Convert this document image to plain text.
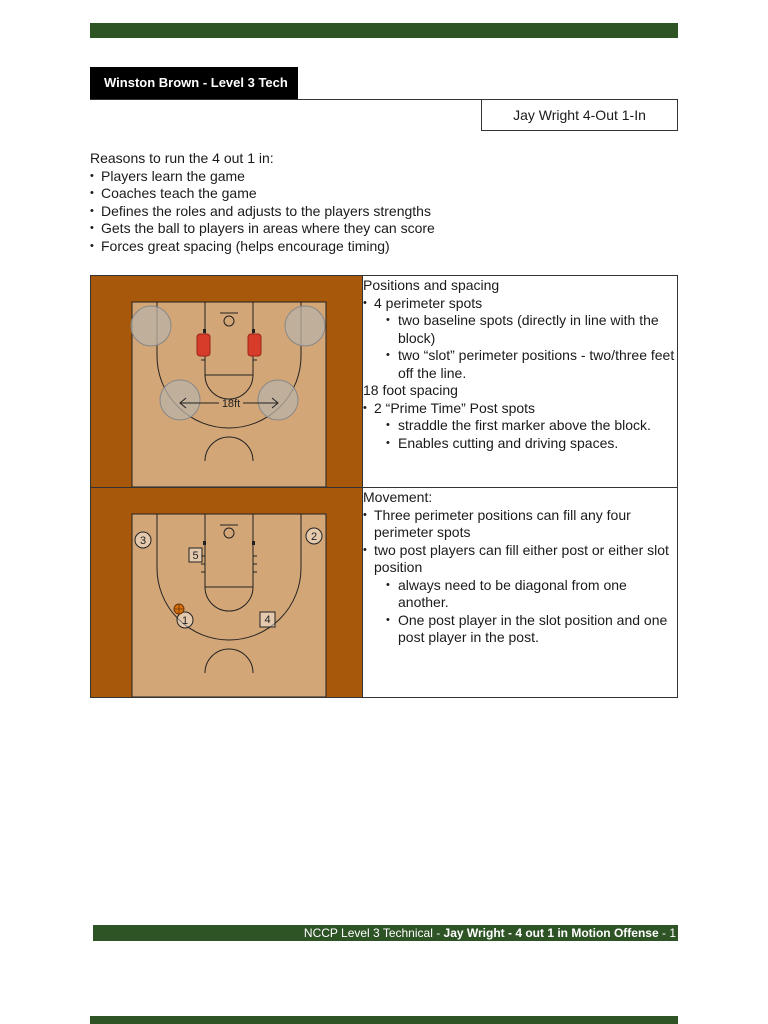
Winston Brown - Level 3 Tech
Jay Wright 4-Out 1-In
Reasons to run the 4 out 1 in:
• Players learn the game
• Coaches teach the game
• Defines the roles and adjusts to the players strengths
• Gets the ball to players in areas where they can score
• Forces great spacing (helps encourage timing)
18ft
Positions and spacing
• 4 perimeter spots
• two baseline spots (directly in line with the block)
• two “slot” perimeter positions - two/three feet off the line.
18 foot spacing
• 2 “Prime Time” Post spots
• straddle the first marker above the block.
• Enables cutting and driving spaces.
3	2
5
1	4
Movement:
• Three perimeter positions can fill any four perimeter spots
• two post players can fill either post or either slot position
• always need to be diagonal from one another.
• One post player in the slot position and one post player in the post.
NCCP Level 3 Technical - Jay Wright - 4 out 1 in Motion Offense - 1
